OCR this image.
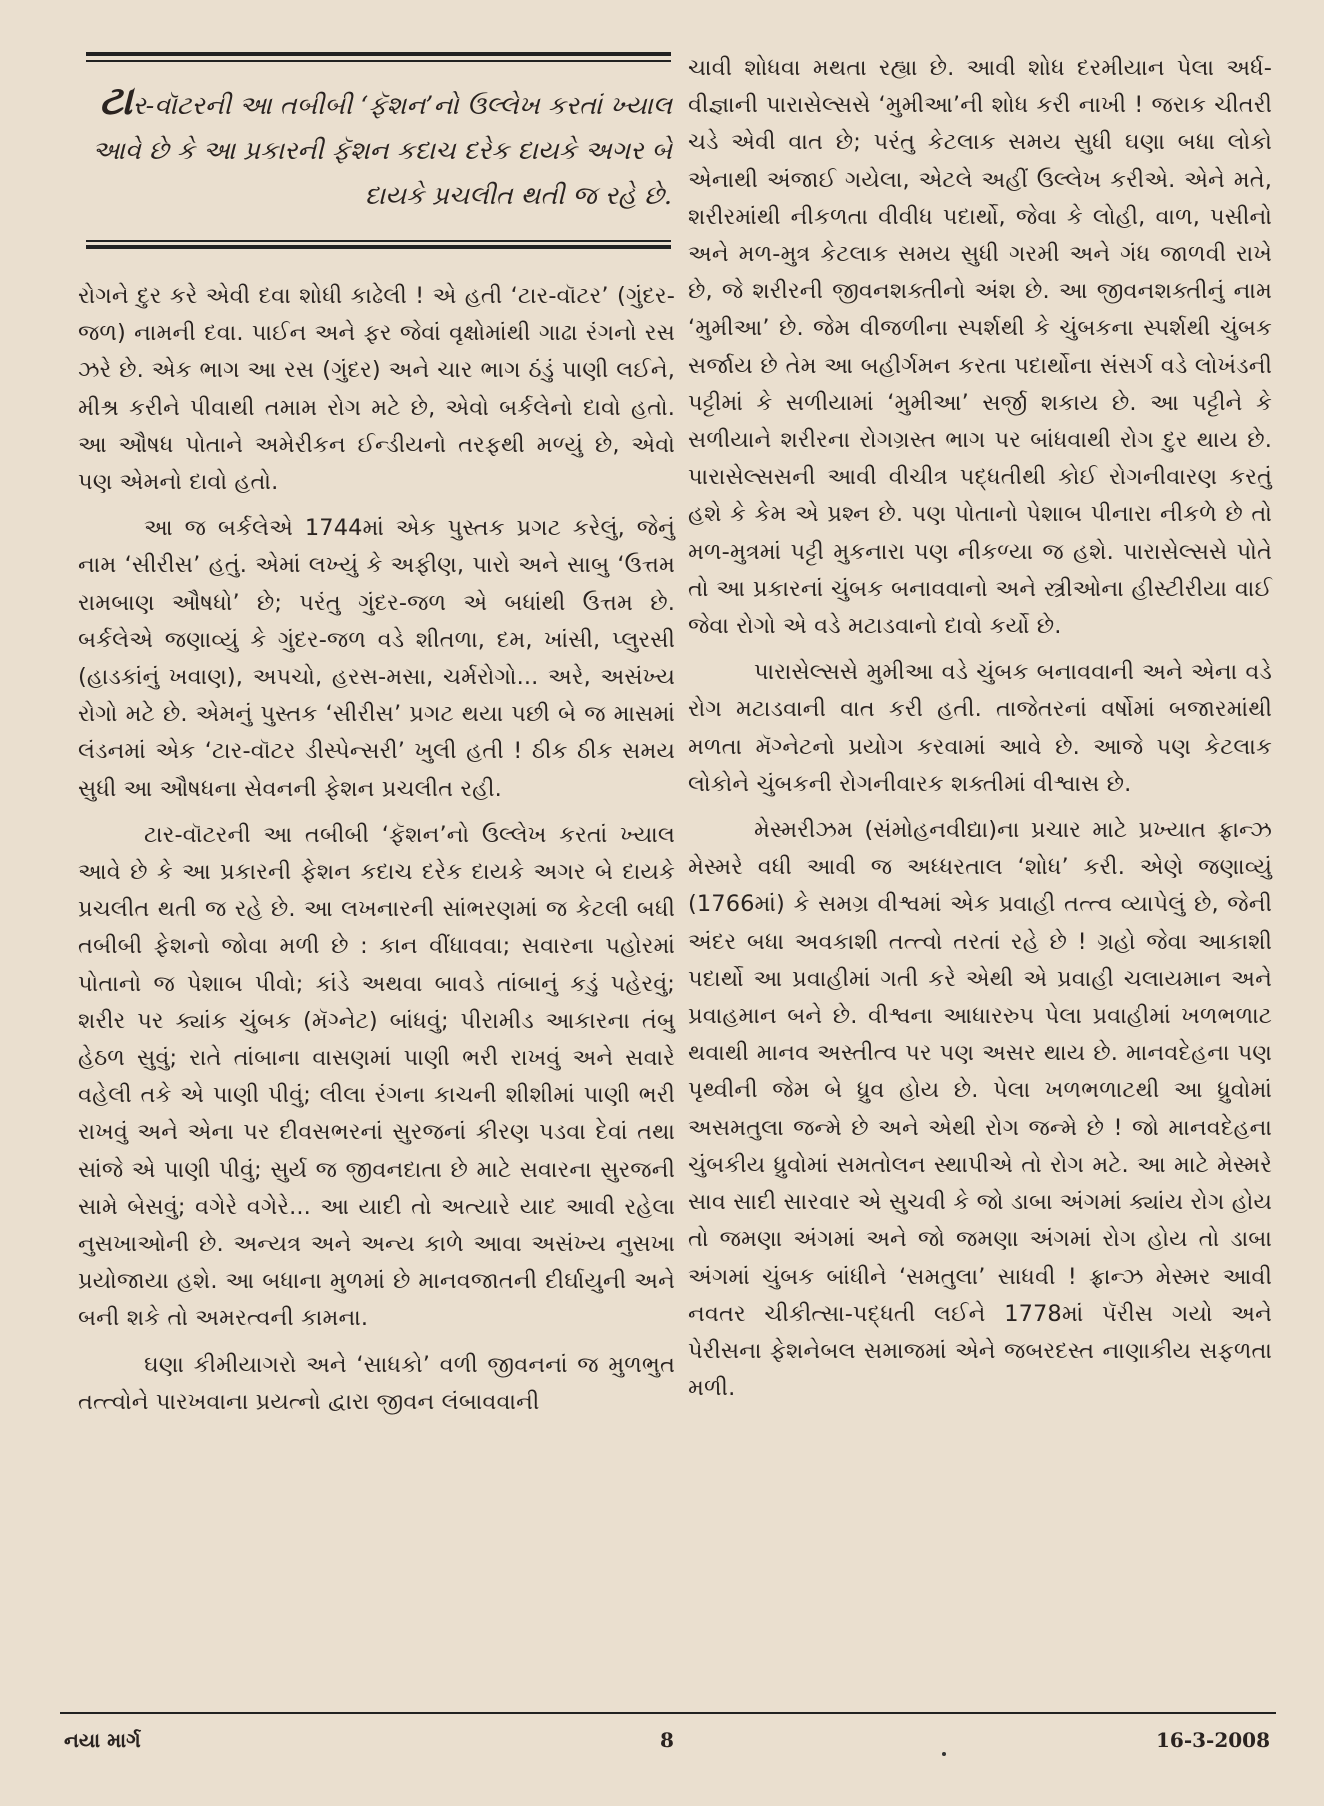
ટાર-વૉટરની આ તબીબી ‘ફૅશન’નો ઉલ્લેખ કરતાં ખ્યાલ આવે છે કે આ પ્રકારની ફૅશન કદાચ દરેક દાયકે અગર બે દાયકે પ્રચલીત થતી જ રહે છે.

રોગને દુર કરે એવી દવા શોધી કાઢેલી ! એ હતી ‘ટાર-વૉટર’ (ગુંદર- જળ) નામની દવા. પાઈન અને ફર જેવાં વૃક્ષોમાંથી ગાઢા રંગનો રસ ઝરે છે. એક ભાગ આ રસ (ગુંદર) અને ચાર ભાગ ઠંડું પાણી લઈને, મીશ્ર કરીને પીવાથી તમામ રોગ મટે છે, એવો બર્કલેનો દાવો હતો. આ ઔષધ પોતાને અમેરીકન ઈન્ડીયનો તરફથી મળ્યું છે, એવો પણ એમનો દાવો હતો.

આ જ બર્કલેએ 1744માં એક પુસ્તક પ્રગટ કરેલું, જેનું નામ ‘સીરીસ’ હતું. એમાં લખ્યું કે અફીણ, પારો અને સાબુ ‘ઉત્તમ રામબાણ ઔષધો’ છે; પરંતુ ગુંદર-જળ એ બધાંથી ઉત્તમ છે. બર્કલેએ જણાવ્યું કે ગુંદર-જળ વડે શીતળા, દમ, ખાંસી, પ્લુરસી (હાડકાંનું ખવાણ), અપચો, હરસ-મસા, ચર્મરોગો... અરે, અસંખ્ય રોગો મટે છે. એમનું પુસ્તક ‘સીરીસ’ પ્રગટ થયા પછી બે જ માસમાં લંડનમાં એક ‘ટાર-વૉટર ડીસ્પેન્સરી’ ખુલી હતી ! ઠીક ઠીક સમય સુધી આ ઔષધના સેવનની ફેશન પ્રચલીત રહી.

ટાર-વૉટરની આ તબીબી ‘ફૅશન’નો ઉલ્લેખ કરતાં ખ્યાલ આવે છે કે આ પ્રકારની ફેશન કદાચ દરેક દાયકે અગર બે દાયકે પ્રચલીત થતી જ રહે છે. આ લખનારની સાંભરણમાં જ કેટલી બધી તબીબી ફેશનો જોવા મળી છે : કાન વીંધાવવા; સવારના પહોરમાં પોતાનો જ પેશાબ પીવો; કાંડે અથવા બાવડે તાંબાનું કડું પહેરવું; શરીર પર ક્યાંક ચુંબક (મૅગ્નેટ) બાંધવું; પીરામીડ આકારના તંબુ હેઠળ સુવું; રાતે તાંબાના વાસણમાં પાણી ભરી રાખવું અને સવારે વહેલી તકે એ પાણી પીવું; લીલા રંગના કાચની શીશીમાં પાણી ભરી રાખવું અને એના પર દીવસભરનાં સુરજનાં કીરણ પડવા દેવાં તથા સાંજે એ પાણી પીવું; સુર્ય જ જીવનદાતા છે માટે સવારના સુરજની સામે બેસવું; વગેરે વગેરે... આ યાદી તો અત્યારે યાદ આવી રહેલા નુસખાઓની છે. અન્યત્ર અને અન્ય કાળે આવા અસંખ્ય નુસખા પ્રયોજાયા હશે. આ બધાના મુળમાં છે માનવજાતની દીર્ઘાયુની અને બની શકે તો અમરત્વની કામના.

ઘણા કીમીયાગરો અને ‘સાધકો’ વળી જીવનનાં જ મુળભુત તત્ત્વોને પારખવાના પ્રયત્નો દ્વારા જીવન લંબાવવાની

ચાવી શોધવા મથતા રહ્યા છે. આવી શોધ દરમીયાન પેલા અર્ધ-વીજ્ઞાની પારાસેલ્સસે ‘મુમીઆ’ની શોધ કરી નાખી ! જરાક ચીતરી ચડે એવી વાત છે; પરંતુ કેટલાક સમય સુધી ઘણા બધા લોકો એનાથી અંજાઈ ગયેલા, એટલે અહીં ઉલ્લેખ કરીએ. એને મતે, શરીરમાંથી નીકળતા વીવીધ પદાર્થો, જેવા કે લોહી, વાળ, પસીનો અને મળ-મુત્ર કેટલાક સમય સુધી ગરમી અને ગંધ જાળવી રાખે છે, જે શરીરની જીવનશક્તીનો અંશ છે. આ જીવનશક્તીનું નામ ‘મુમીઆ’ છે. જેમ વીજળીના સ્પર્શથી કે ચુંબકના સ્પર્શથી ચુંબક સર્જાય છે તેમ આ બહીર્ગમન કરતા પદાર્થોના સંસર્ગ વડે લોખંડની પટ્ટીમાં કે સળીયામાં ‘મુમીઆ’ સર્જી શકાય છે. આ પટ્ટીને કે સળીયાને શરીરના રોગગ્રસ્ત ભાગ પર બાંધવાથી રોગ દુર થાય છે. પારાસેલ્સસની આવી વીચીત્ર પદ્ધતીથી કોઈ રોગનીવારણ કરતું હશે કે કેમ એ પ્રશ્ન છે. પણ પોતાનો પેશાબ પીનારા નીકળે છે તો મળ-મુત્રમાં પટ્ટી મુકનારા પણ નીકળ્યા જ હશે. પારાસેલ્સસે પોતે તો આ પ્રકારનાં ચુંબક બનાવવાનો અને સ્ત્રીઓના હીસ્ટીરીયા વાઈ જેવા રોગો એ વડે મટાડવાનો દાવો કર્યો છે.

પારાસેલ્સસે મુમીઆ વડે ચુંબક બનાવવાની અને એના વડે રોગ મટાડવાની વાત કરી હતી. તાજેતરનાં વર્ષોમાં બજારમાંથી મળતા મૅગ્નેટનો પ્રયોગ કરવામાં આવે છે. આજે પણ કેટલાક લોકોને ચુંબકની રોગનીવારક શક્તીમાં વીશ્વાસ છે.

મેસ્મરીઝમ (સંમોહનવીદ્યા)ના પ્રચાર માટે પ્રખ્યાત ફ્રાન્ઝ મેસ્મરે વધી આવી જ અધ્ધરતાલ ‘શોધ’ કરી. એણે જણાવ્યું (1766માં) કે સમગ્ર વીશ્વમાં એક પ્રવાહી તત્ત્વ વ્યાપેલું છે, જેની અંદર બધા અવકાશી તત્ત્વો તરતાં રહે છે ! ગ્રહો જેવા આકાશી પદાર્થો આ પ્રવાહીમાં ગતી કરે એથી એ પ્રવાહી ચલાયમાન અને પ્રવાહમાન બને છે. વીશ્વના આધારરુપ પેલા પ્રવાહીમાં ખળભળાટ થવાથી માનવ અસ્તીત્વ પર પણ અસર થાય છે. માનવદેહના પણ પૃથ્વીની જેમ બે ધ્રુવ હોય છે. પેલા ખળભળાટથી આ ધ્રુવોમાં અસમતુલા જન્મે છે અને એથી રોગ જન્મે છે ! જો માનવદેહના ચુંબકીય ધ્રુવોમાં સમતોલન સ્થાપીએ તો રોગ મટે. આ માટે મેસ્મરે સાવ સાદી સારવાર એ સુચવી કે જો ડાબા અંગમાં ક્યાંય રોગ હોય તો જમણા અંગમાં અને જો જમણા અંગમાં રોગ હોય તો ડાબા અંગમાં ચુંબક બાંધીને ‘સમતુલા’ સાધવી ! ફ્રાન્ઝ મેસ્મર આવી નવતર ચીકીત્સા-પદ્ધતી લઈને 1778માં પૅરીસ ગયો અને પેરીસના ફેશનેબલ સમાજમાં એને જબરદસ્ત નાણાકીય સફળતા મળી.

નયા માર્ગ	8	16-3-2008
